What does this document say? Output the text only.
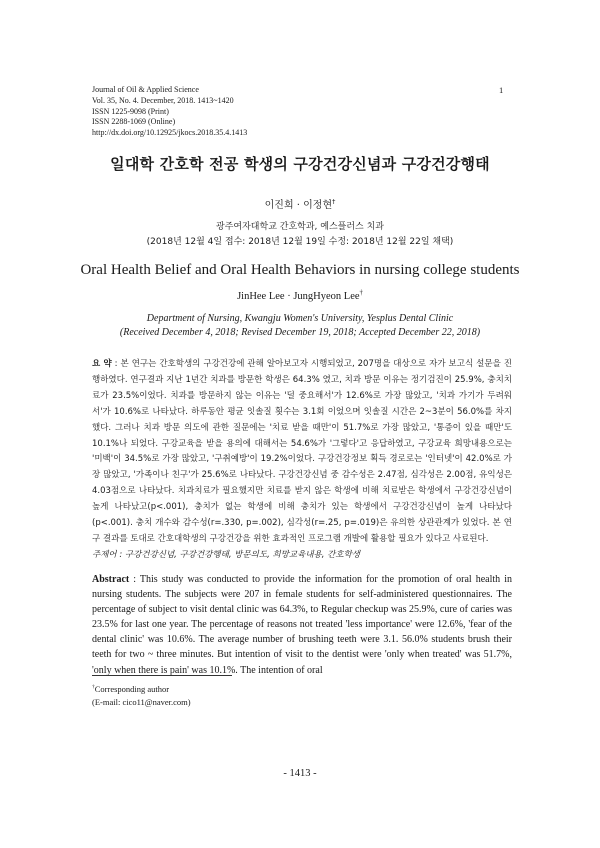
Journal of Oil & Applied Science
Vol. 35, No. 4. December, 2018. 1413~1420
ISSN 1225-9098 (Print)
ISSN 2288-1069 (Online)
http://dx.doi.org/10.12925/jkocs.2018.35.4.1413
1
일대학 간호학 전공 학생의 구강건강신념과 구강건강행태
이진희 · 이정현†
광주여자대학교 간호학과, 예스플러스 치과
(2018년 12월 4일 접수: 2018년 12월 19일 수정: 2018년 12월 22일 채택)
Oral Health Belief and Oral Health Behaviors in nursing college students
JinHee Lee · JungHyeon Lee†
Department of Nursing, Kwangju Women's University, Yesplus Dental Clinic
(Received December 4, 2018; Revised December 19, 2018; Accepted December 22, 2018)
요 약 : 본 연구는 간호학생의 구강건강에 관해 알아보고자 시행되었고, 207명을 대상으로 자가 보고식 설문을 진행하였다. 연구결과 지난 1년간 치과를 방문한 학생은 64.3% 였고, 치과 방문 이유는 정기검진이 25.9%, 충치치료가 23.5%이었다. 치과를 방문하지 않는 이유는 '덜 중요해서'가 12.6%로 가장 많았고, '치과 가기가 두려워서'가 10.6%로 나타났다. 하루동안 평균 잇솔질 횟수는 3.1회 이었으며 잇솔질 시간은 2~3분이 56.0%를 차지했다. 그러나 치과 방문 의도에 관한 질문에는 '치료 받을 때만'이 51.7%로 가장 많았고, '통증이 있을 때만'도 10.1%나 되었다. 구강교육을 받을 용의에 대해서는 54.6%가 '그렇다'고 응답하였고, 구강교육 희망내용으로는 '미백'이 34.5%로 가장 많았고, '구취예방'이 19.2%이었다. 구강건강정보 획득 경로로는 '인터넷'이 42.0%로 가장 많았고, '가족이나 친구'가 25.6%로 나타났다. 구강건강신념 중 감수성은 2.47점, 심각성은 2.00점, 유익성은 4.03점으로 나타났다. 치과치료가 필요했지만 치료를 받지 않은 학생에 비해 치료받은 학생에서 구강건강신념이 높게 나타났고(p<.001), 충치가 없는 학생에 비해 충치가 있는 학생에서 구강건강신념이 높게 나타났다(p<.001). 충치 개수와 감수성(r=.330, p=.002), 심각성(r=.25, p=.019)은 유의한 상관관계가 있었다. 본 연구 결과를 토대로 간호대학생의 구강건강을 위한 효과적인 프로그램 개발에 활용할 필요가 있다고 사료된다.
주제어 : 구강건강신념, 구강건강행태, 방문의도, 희망교육내용, 간호학생
Abstract : This study was conducted to provide the information for the promotion of oral health in nursing students. The subjects were 207 in female students for self-administered questionnaires. The percentage of subject to visit dental clinic was 64.3%, to Regular checkup was 25.9%, cure of caries was 23.5% for last one year. The percentage of reasons not treated 'less importance' were 12.6%, 'fear of the dental clinic' was 10.6%. The average number of brushing teeth were 3.1. 56.0% students brush their teeth for two ~ three minutes. But intention of visit to the dentist were 'only when treated' was 51.7%, 'only when there is pain' was 10.1%. The intention of oral
†Corresponding author
(E-mail: cico11@naver.com)
- 1413 -
